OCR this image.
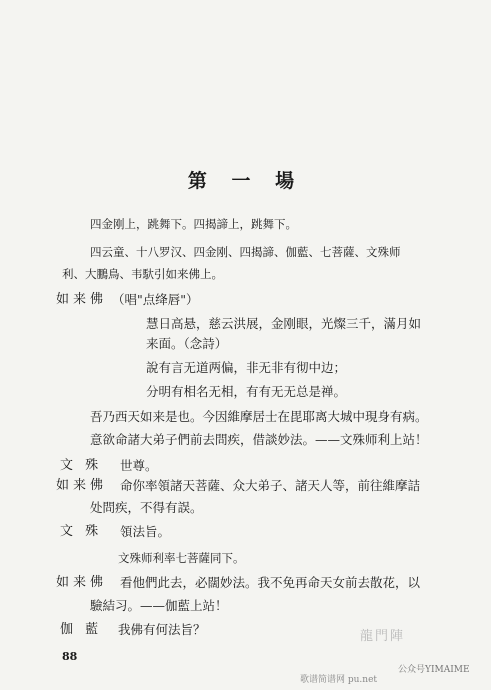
第 一 場
四金刚上，跳舞下。四揭諦上，跳舞下。
四云童、十八罗汉、四金刚、四揭諦、伽藍、七菩薩、文殊师
利、大鵬鳥、韦馱引如来佛上。
如来佛 （唱"点绛唇"）
慧日高悬，慈云洪展，金刚眼，光燦三千，滿月如
来面。（念詩）
說有言无道两偏，非无非有彻中边；
分明有相名无相，有有无无总是禅。
吾乃西天如来是也。今因維摩居士在毘耶离大城中現身有病。
意欲命諸大弟子們前去問疾，借談妙法。——文殊师利上站！
文 殊 世尊。
如来佛 命你率領諸天菩薩、众大弟子、諸天人等，前往維摩詰
处問疾，不得有誤。
文 殊 領法旨。
文殊师利率七菩薩同下。
如来佛 看他們此去，必闊妙法。我不免再命天女前去散花，以
驗結习。——伽藍上站！
伽 藍 我佛有何法旨？
88
龍門陣
公众号YIMAIME
歌谱简谱网 pu.net
